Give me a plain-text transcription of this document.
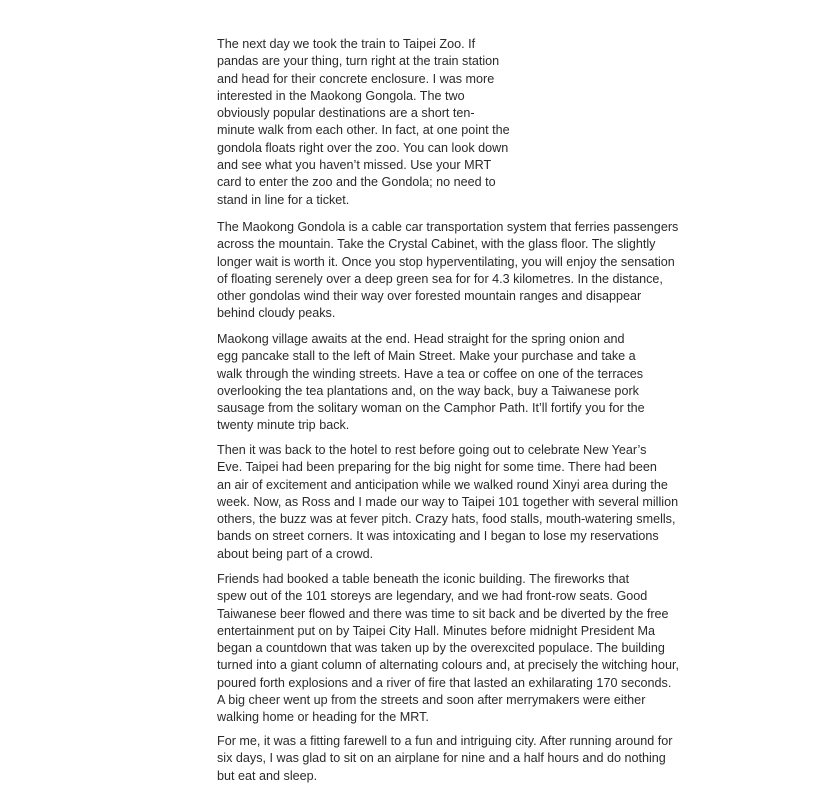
The next day we took the train to Taipei Zoo. If
pandas are your thing, turn right at the train station
and head for their concrete enclosure. I was more
interested in the Maokong Gongola. The two
obviously popular destinations are a short ten-
minute walk from each other. In fact, at one point the
gondola floats right over the zoo. You can look down
and see what you haven’t missed. Use your MRT
card to enter the zoo and the Gondola; no need to
stand in line for a ticket.

The Maokong Gondola is a cable car transportation system that ferries passengers
across the mountain. Take the Crystal Cabinet, with the glass floor. The slightly
longer wait is worth it. Once you stop hyperventilating, you will enjoy the sensation
of floating serenely over a deep green sea for for 4.3 kilometres. In the distance,
other gondolas wind their way over forested mountain ranges and disappear
behind cloudy peaks.

Maokong village awaits at the end. Head straight for the spring onion and
egg pancake stall to the left of Main Street. Make your purchase and take a
walk through the winding streets. Have a tea or coffee on one of the terraces
overlooking the tea plantations and, on the way back, buy a Taiwanese pork
sausage from the solitary woman on the Camphor Path. It’ll fortify you for the
twenty minute trip back.

Then it was back to the hotel to rest before going out to celebrate New Year’s
Eve. Taipei had been preparing for the big night for some time. There had been
an air of excitement and anticipation while we walked round Xinyi area during the
week. Now, as Ross and I made our way to Taipei 101 together with several million
others, the buzz was at fever pitch. Crazy hats, food stalls, mouth-watering smells,
bands on street corners. It was intoxicating and I began to lose my reservations
about being part of a crowd.

Friends had booked a table beneath the iconic building. The fireworks that
spew out of the 101 storeys are legendary, and we had front-row seats. Good
Taiwanese beer flowed and there was time to sit back and be diverted by the free
entertainment put on by Taipei City Hall. Minutes before midnight President Ma
began a countdown that was taken up by the overexcited populace. The building
turned into a giant column of alternating colours and, at precisely the witching hour,
poured forth explosions and a river of fire that lasted an exhilarating 170 seconds.
A big cheer went up from the streets and soon after merrymakers were either
walking home or heading for the MRT.

For me, it was a fitting farewell to a fun and intriguing city. After running around for
six days, I was glad to sit on an airplane for nine and a half hours and do nothing
but eat and sleep.
